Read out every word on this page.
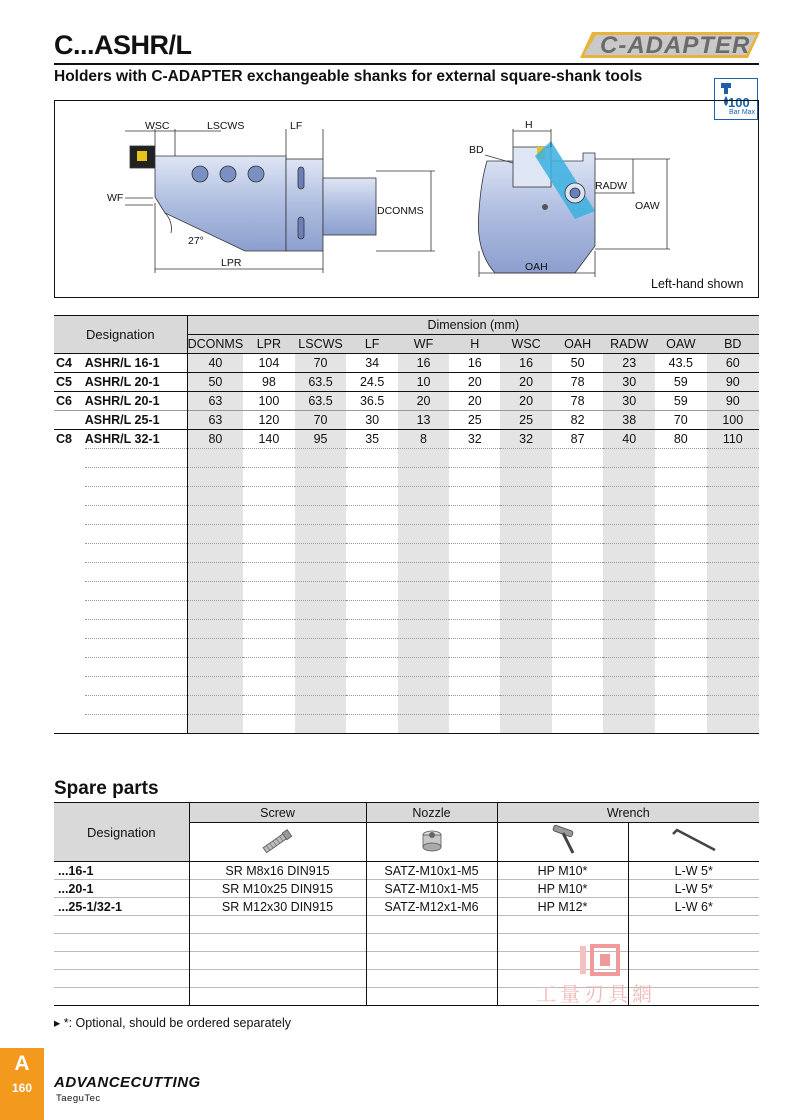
C...ASHR/L	C-ADAPTER
Holders with C-ADAPTER exchangeable shanks for external square-shank tools
100
Bar Max
WSC	LSCWS	LF
WF
DCONMS
27°
LPR
H
BD
RADW
OAW
OAH
Left-hand shown
Designation		Dimension (mm)										
		DCONMS	LPR	LSCWS	LF	WF	H	WSC	OAH	RADW	OAW	BD
C4	ASHR/L 16-1	40	104	70	34	16	16	16	50	23	43.5	60
C5	ASHR/L 20-1	50	98	63.5	24.5	10	20	20	78	30	59	90
C6	ASHR/L 20-1	63	100	63.5	36.5	20	20	20	78	30	59	90
	ASHR/L 25-1	63	120	70	30	13	25	25	82	38	70	100
C8	ASHR/L 32-1	80	140	95	35	8	32	32	87	40	80	110

Spare parts
Designation	Screw	Nozzle	Wrench	

...16-1	SR M8x16 DIN915	SATZ-M10x1-M5	HP M10*	L-W 5*
...20-1	SR M10x25 DIN915	SATZ-M10x1-M5	HP M10*	L-W 5*
...25-1/32-1	SR M12x30 DIN915	SATZ-M12x1-M6	HP M12*	L-W 6*

▸ *: Optional, should be ordered separately
工量刃具網
A
160	ADVANCECUTTING
TaeguTec
